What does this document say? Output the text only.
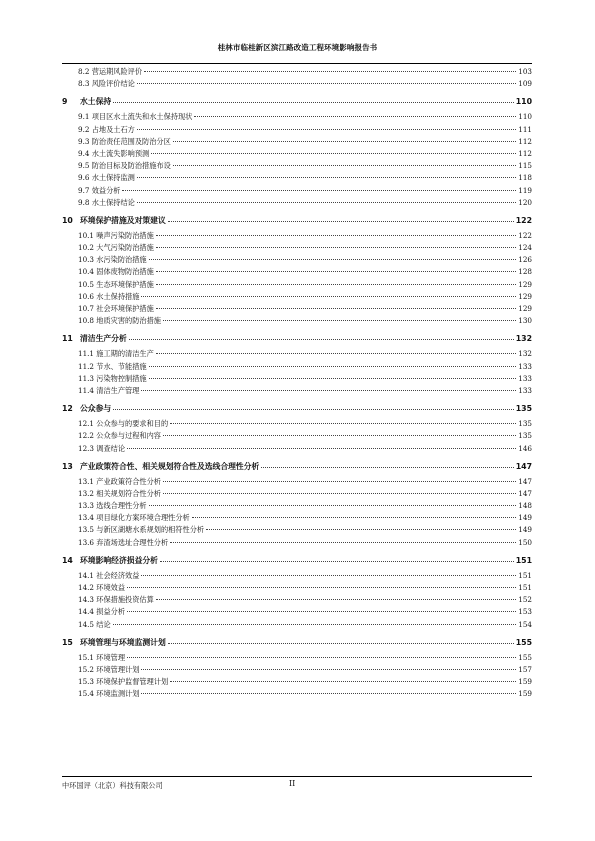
桂林市临桂新区滨江路改造工程环境影响报告书
8.2 营运期风险评价	103
8.3 风险评价结论	109
9 水土保持	110
9.1 项目区水土流失和水土保持现状	110
9.2 占地及土石方	111
9.3 防治责任范围及防治分区	112
9.4 水土流失影响预测	112
9.5 防治目标及防治措施布设	115
9.6 水土保持监测	118
9.7 效益分析	119
9.8 水土保持结论	120
10 环境保护措施及对策建议	122
10.1 噪声污染防治措施	122
10.2 大气污染防治措施	124
10.3 水污染防治措施	126
10.4 固体废物防治措施	128
10.5 生态环境保护措施	129
10.6 水土保持措施	129
10.7 社会环境保护措施	129
10.8 地质灾害的防治措施	130
11 清洁生产分析	132
11.1 施工期的清洁生产	132
11.2 节水、节能措施	133
11.3 污染物控制措施	133
11.4 清洁生产管理	133
12 公众参与	135
12.1 公众参与的要求和目的	135
12.2 公众参与过程和内容	135
12.3 调查结论	146
13 产业政策符合性、相关规划符合性及选线合理性分析	147
13.1 产业政策符合性分析	147
13.2 相关规划符合性分析	147
13.3 选线合理性分析	148
13.4 项目绿化方案环境合理性分析	149
13.5 与新区湖塘水系规划的相符性分析	149
13.6 弃渣场选址合理性分析	150
14 环境影响经济损益分析	151
14.1 社会经济效益	151
14.2 环境效益	151
14.3 环保措施投资估算	152
14.4 损益分析	153
14.5 结论	154
15 环境管理与环境监测计划	155
15.1 环境管理	155
15.2 环境管理计划	157
15.3 环境保护监督管理计划	159
15.4 环境监测计划	159
中环国评（北京）科技有限公司	II
